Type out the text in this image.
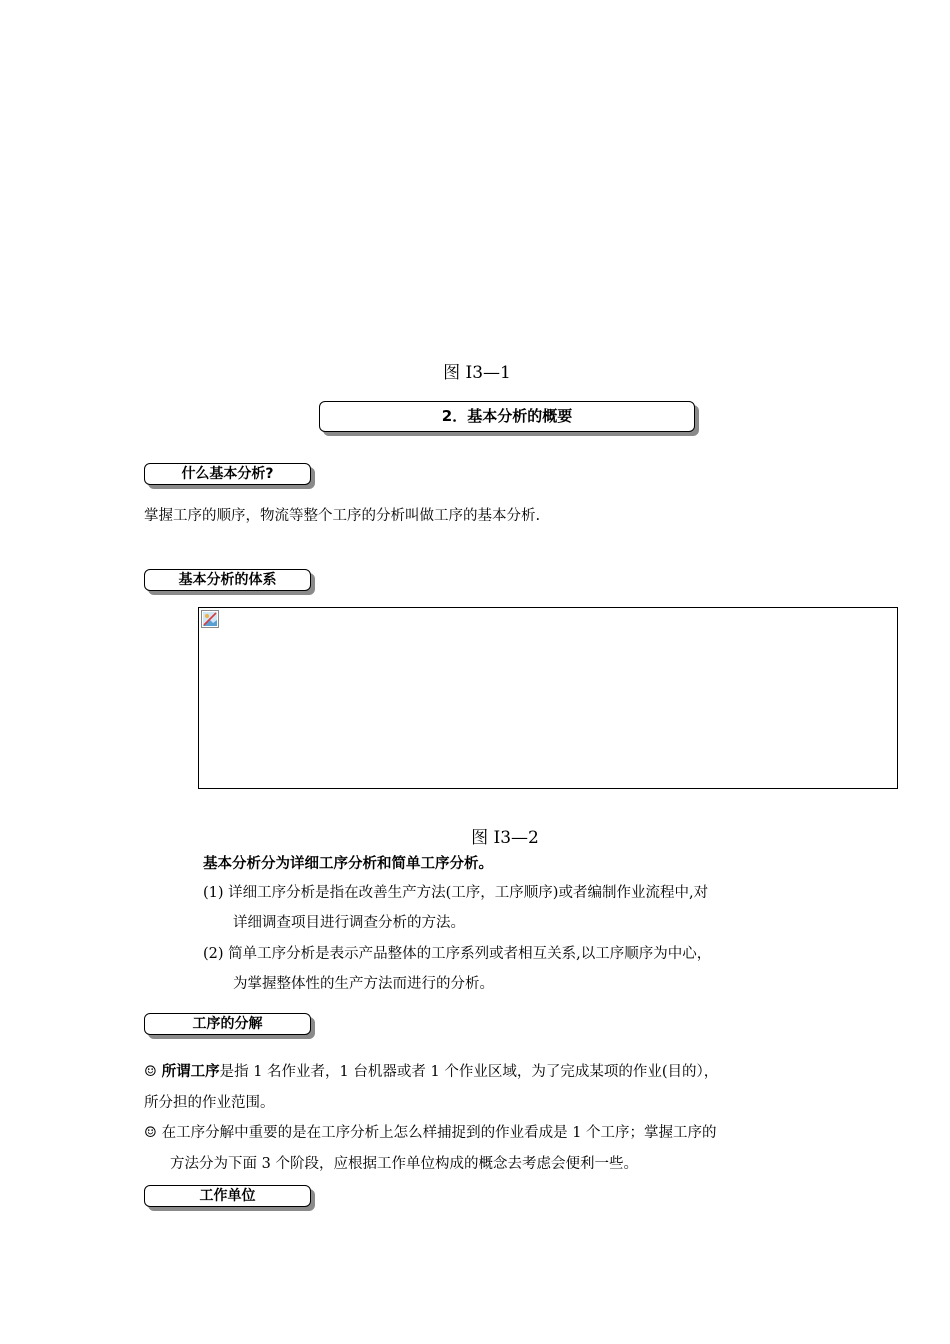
图 I3—1
2．基本分析的概要
什么基本分析?
掌握工序的顺序，物流等整个工序的分析叫做工序的基本分析.
基本分析的体系
图 I3—2
基本分析分为详细工序分析和简单工序分析。
(1) 详细工序分析是指在改善生产方法(工序，工序顺序)或者编制作业流程中,对
详细调查项目进行调查分析的方法。
(2) 简单工序分析是表示产品整体的工序系列或者相互关系,以工序顺序为中心，
为掌握整体性的生产方法而进行的分析。
工序的分解
☺ 所谓工序是指 1 名作业者，1 台机器或者 1 个作业区域，为了完成某项的作业(目的），
所分担的作业范围。
☺ 在工序分解中重要的是在工序分析上怎么样捕捉到的作业看成是 1 个工序；掌握工序的
方法分为下面 3 个阶段，应根据工作单位构成的概念去考虑会便利一些。
工作单位
